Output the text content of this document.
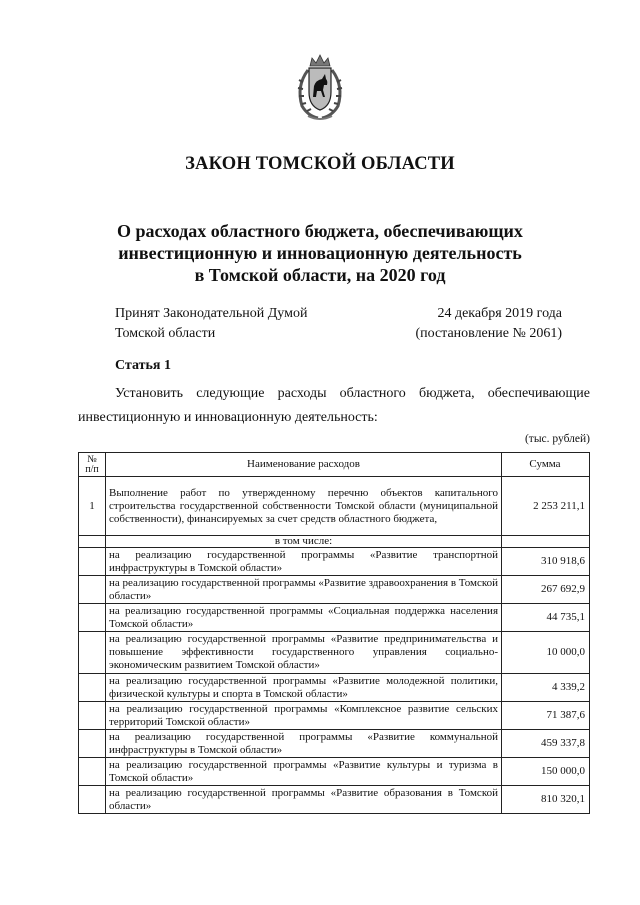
ЗАКОН ТОМСКОЙ ОБЛАСТИ
О расходах областного бюджета, обеспечивающих
инвестиционную и инновационную деятельность
в Томской области, на 2020 год
Принят Законодательной Думой
Томской области
24 декабря 2019 года
(постановление № 2061)
Статья 1
Установить следующие расходы областного бюджета, обеспечивающие инвестиционную и инновационную деятельность:
(тыс. рублей)
№ п/п	Наименование расходов	Сумма
1	Выполнение работ по утвержденному перечню объектов капитального строительства государственной собственности Томской области (муниципальной собственности), финансируемых за счет средств областного бюджета,	2 253 211,1
	в том числе:	
	на реализацию государственной программы «Развитие транспортной инфраструктуры в Томской области»	310 918,6
	на реализацию государственной программы «Развитие здравоохранения в Томской области»	267 692,9
	на реализацию государственной программы «Социальная поддержка населения Томской области»	44 735,1
	на реализацию государственной программы «Развитие предпринимательства и повышение эффективности государственного управления социально-экономическим развитием Томской области»	10 000,0
	на реализацию государственной программы «Развитие молодежной политики, физической культуры и спорта в Томской области»	4 339,2
	на реализацию государственной программы «Комплексное развитие сельских территорий Томской области»	71 387,6
	на реализацию государственной программы «Развитие коммунальной инфраструктуры в Томской области»	459 337,8
	на реализацию государственной программы «Развитие культуры и туризма в Томской области»	150 000,0
	на реализацию государственной программы «Развитие образования в Томской области»	810 320,1
